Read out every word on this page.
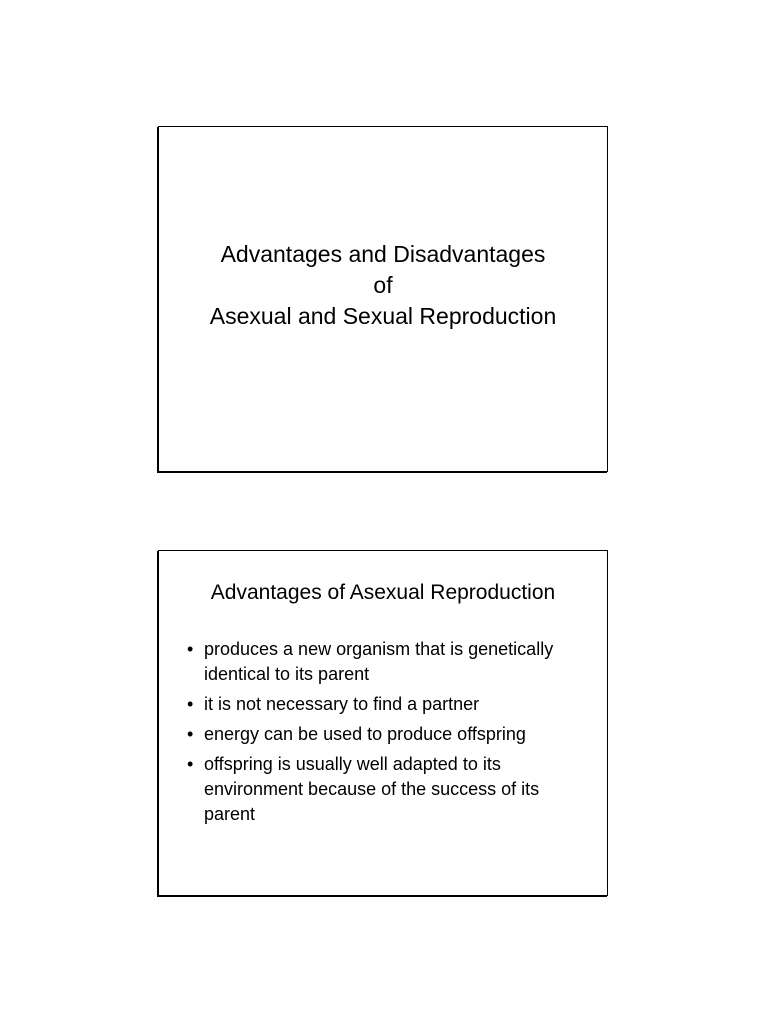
Advantages and Disadvantages
of
Asexual and Sexual Reproduction
Advantages of Asexual Reproduction
• produces a new organism that is genetically identical to its parent
• it is not necessary to find a partner
• energy can be used to produce offspring
• offspring is usually well adapted to its environment because of the success of its parent
